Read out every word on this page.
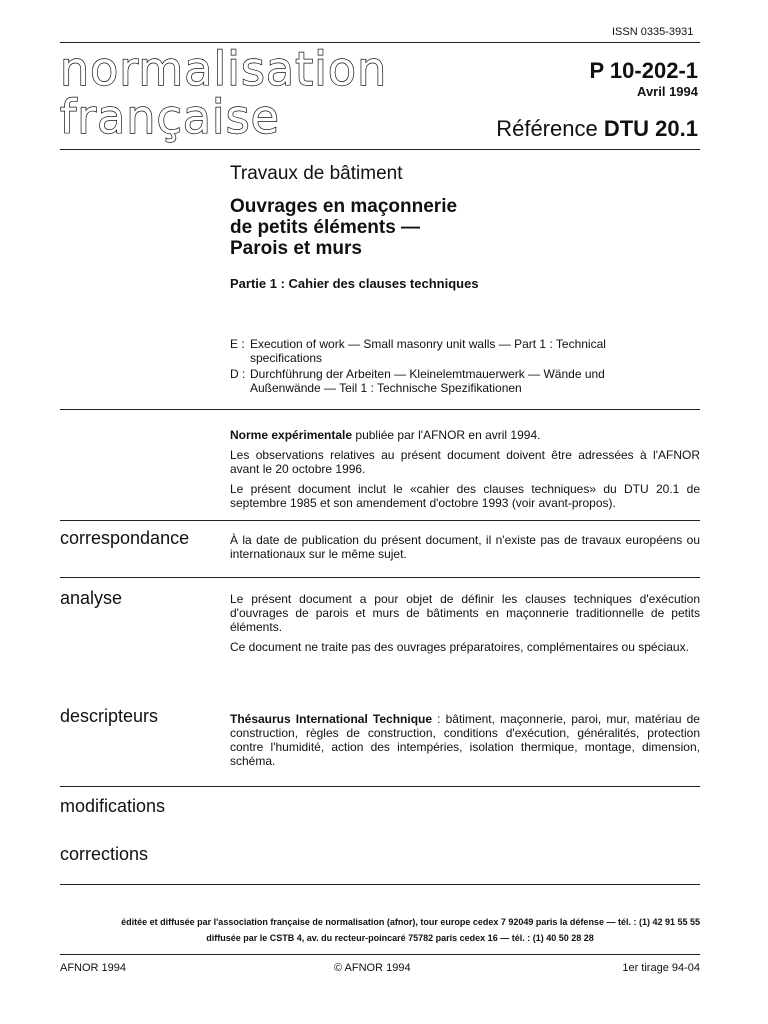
ISSN 0335-3931
normalisation
française
P 10-202-1
Avril 1994
Référence DTU 20.1
Travaux de bâtiment
Ouvrages en maçonnerie
de petits éléments —
Parois et murs
Partie 1 : Cahier des clauses techniques
E : Execution of work — Small masonry unit walls — Part 1 : Technical
specifications
D : Durchführung der Arbeiten — Kleinelemtmauerwerk — Wände und
Außenwände — Teil 1 : Technische Spezifikationen

Norme expérimentale publiée par l'AFNOR en avril 1994.

Les observations relatives au présent document doivent être adressées à l'AFNOR avant le 20 octobre 1996.

Le présent document inclut le «cahier des clauses techniques» du DTU 20.1 de septembre 1985 et son amendement d'octobre 1993 (voir avant-propos).

correspondance	À la date de publication du présent document, il n'existe pas de travaux européens ou internationaux sur le même sujet.
analyse	Le présent document a pour objet de définir les clauses techniques d'exécution d'ouvrages de parois et murs de bâtiments en maçonnerie traditionnelle de petits éléments.

Ce document ne traite pas des ouvrages préparatoires, complémentaires ou spéciaux.

descripteurs	Thésaurus International Technique : bâtiment, maçonnerie, paroi, mur, matériau de construction, règles de construction, conditions d'exécution, généralités, protection contre l'humidité, action des intempéries, isolation thermique, montage, dimension, schéma.
modifications
corrections
éditée et diffusée par l'association française de normalisation (afnor), tour europe cedex 7 92049 paris la défense — tél. : (1) 42 91 55 55
diffusée par le CSTB 4, av. du recteur-poincaré 75782 paris cedex 16 — tél. : (1) 40 50 28 28
AFNOR 1994	© AFNOR 1994	1er tirage 94-04
